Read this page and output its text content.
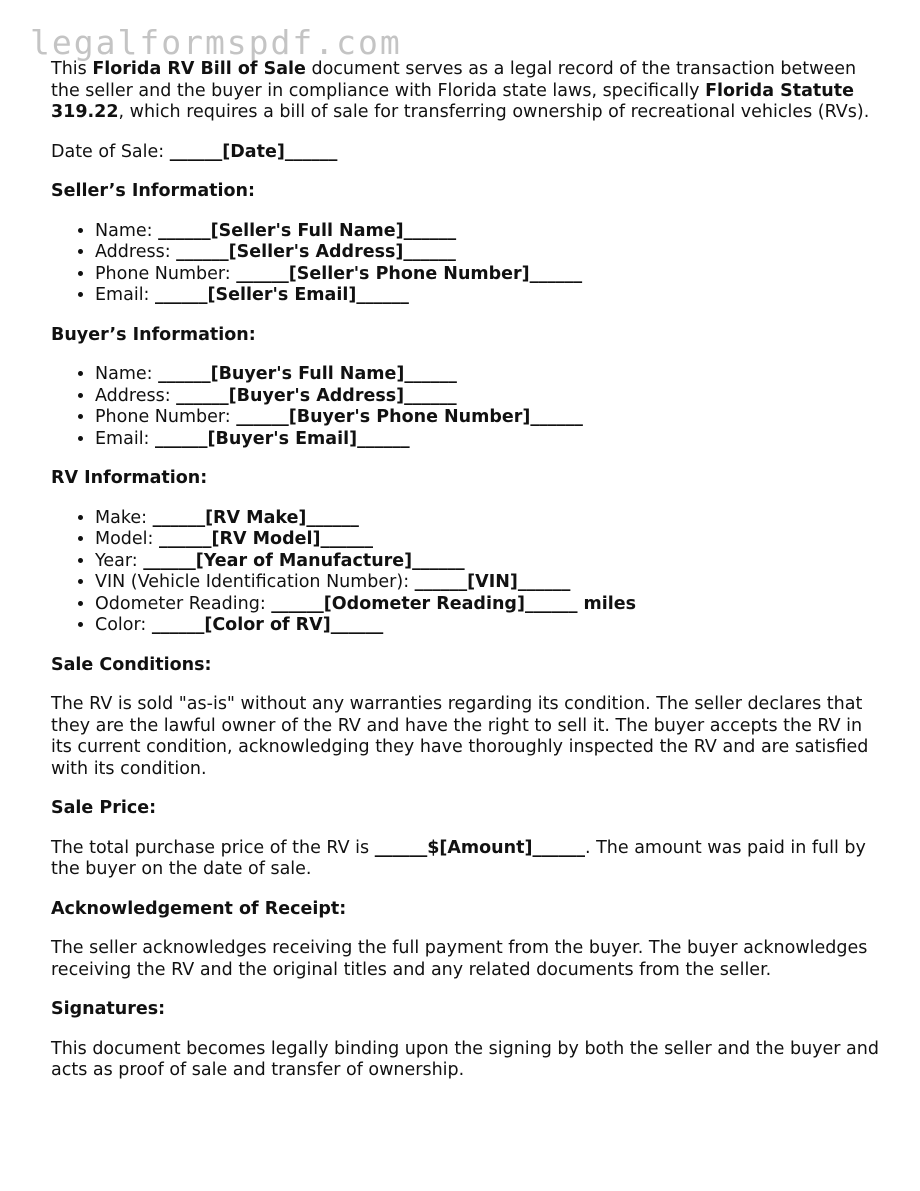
legalformspdf.com

This Florida RV Bill of Sale document serves as a legal record of the transaction between the seller and the buyer in compliance with Florida state laws, specifically Florida Statute 319.22, which requires a bill of sale for transferring ownership of recreational vehicles (RVs).

Date of Sale: ______[Date]______

Seller’s Information:
• Name: ______[Seller's Full Name]______
• Address: ______[Seller's Address]______
• Phone Number: ______[Seller's Phone Number]______
• Email: ______[Seller's Email]______
Buyer’s Information:
• Name: ______[Buyer's Full Name]______
• Address: ______[Buyer's Address]______
• Phone Number: ______[Buyer's Phone Number]______
• Email: ______[Buyer's Email]______
RV Information:
• Make: ______[RV Make]______
• Model: ______[RV Model]______
• Year: ______[Year of Manufacture]______
• VIN (Vehicle Identification Number): ______[VIN]______
• Odometer Reading: ______[Odometer Reading]______ miles
• Color: ______[Color of RV]______
Sale Conditions:

The RV is sold "as-is" without any warranties regarding its condition. The seller declares that they are the lawful owner of the RV and have the right to sell it. The buyer accepts the RV in its current condition, acknowledging they have thoroughly inspected the RV and are satisfied with its condition.

Sale Price:

The total purchase price of the RV is ______$[Amount]______. The amount was paid in full by the buyer on the date of sale.

Acknowledgement of Receipt:

The seller acknowledges receiving the full payment from the buyer. The buyer acknowledges receiving the RV and the original titles and any related documents from the seller.

Signatures:

This document becomes legally binding upon the signing by both the seller and the buyer and acts as proof of sale and transfer of ownership.
